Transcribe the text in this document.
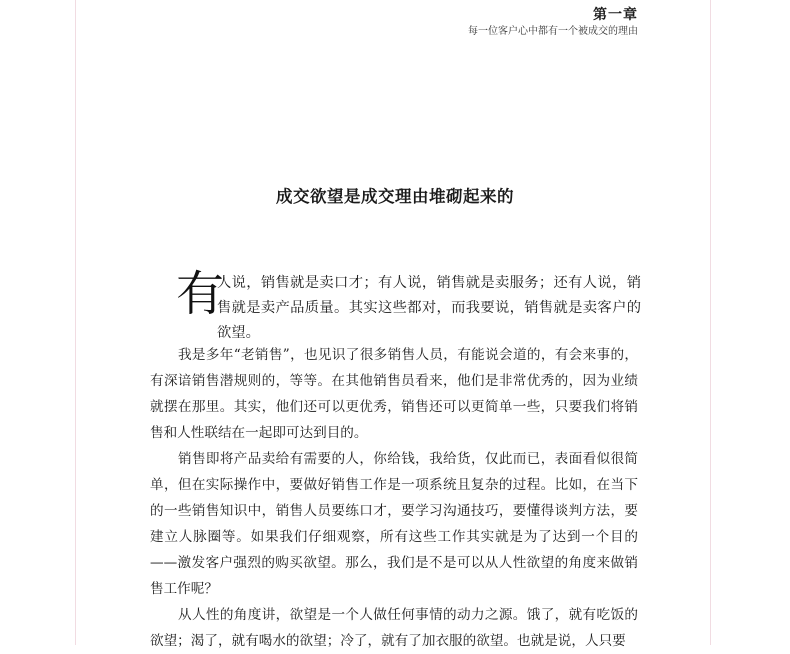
第一章
每一位客户心中都有一个被成交的理由
成交欲望是成交理由堆砌起来的
有

人说，销售就是卖口才；有人说，销售就是卖服务；还有人说，销售就是卖产品质量。其实这些都对，而我要说，销售就是卖客户的欲望。

我是多年“老销售”，也见识了很多销售人员，有能说会道的，有会来事的，有深谙销售潜规则的，等等。在其他销售员看来，他们是非常优秀的，因为业绩就摆在那里。其实，他们还可以更优秀，销售还可以更简单一些，只要我们将销售和人性联结在一起即可达到目的。

销售即将产品卖给有需要的人，你给钱，我给货，仅此而已，表面看似很简单，但在实际操作中，要做好销售工作是一项系统且复杂的过程。比如，在当下的一些销售知识中，销售人员要练口才，要学习沟通技巧，要懂得谈判方法，要建立人脉圈等。如果我们仔细观察，所有这些工作其实就是为了达到一个目的——激发客户强烈的购买欲望。那么，我们是不是可以从人性欲望的角度来做销售工作呢？

从人性的角度讲，欲望是一个人做任何事情的动力之源。饿了，就有吃饭的欲望；渴了，就有喝水的欲望；冷了，就有了加衣服的欲望。也就是说，人只要
